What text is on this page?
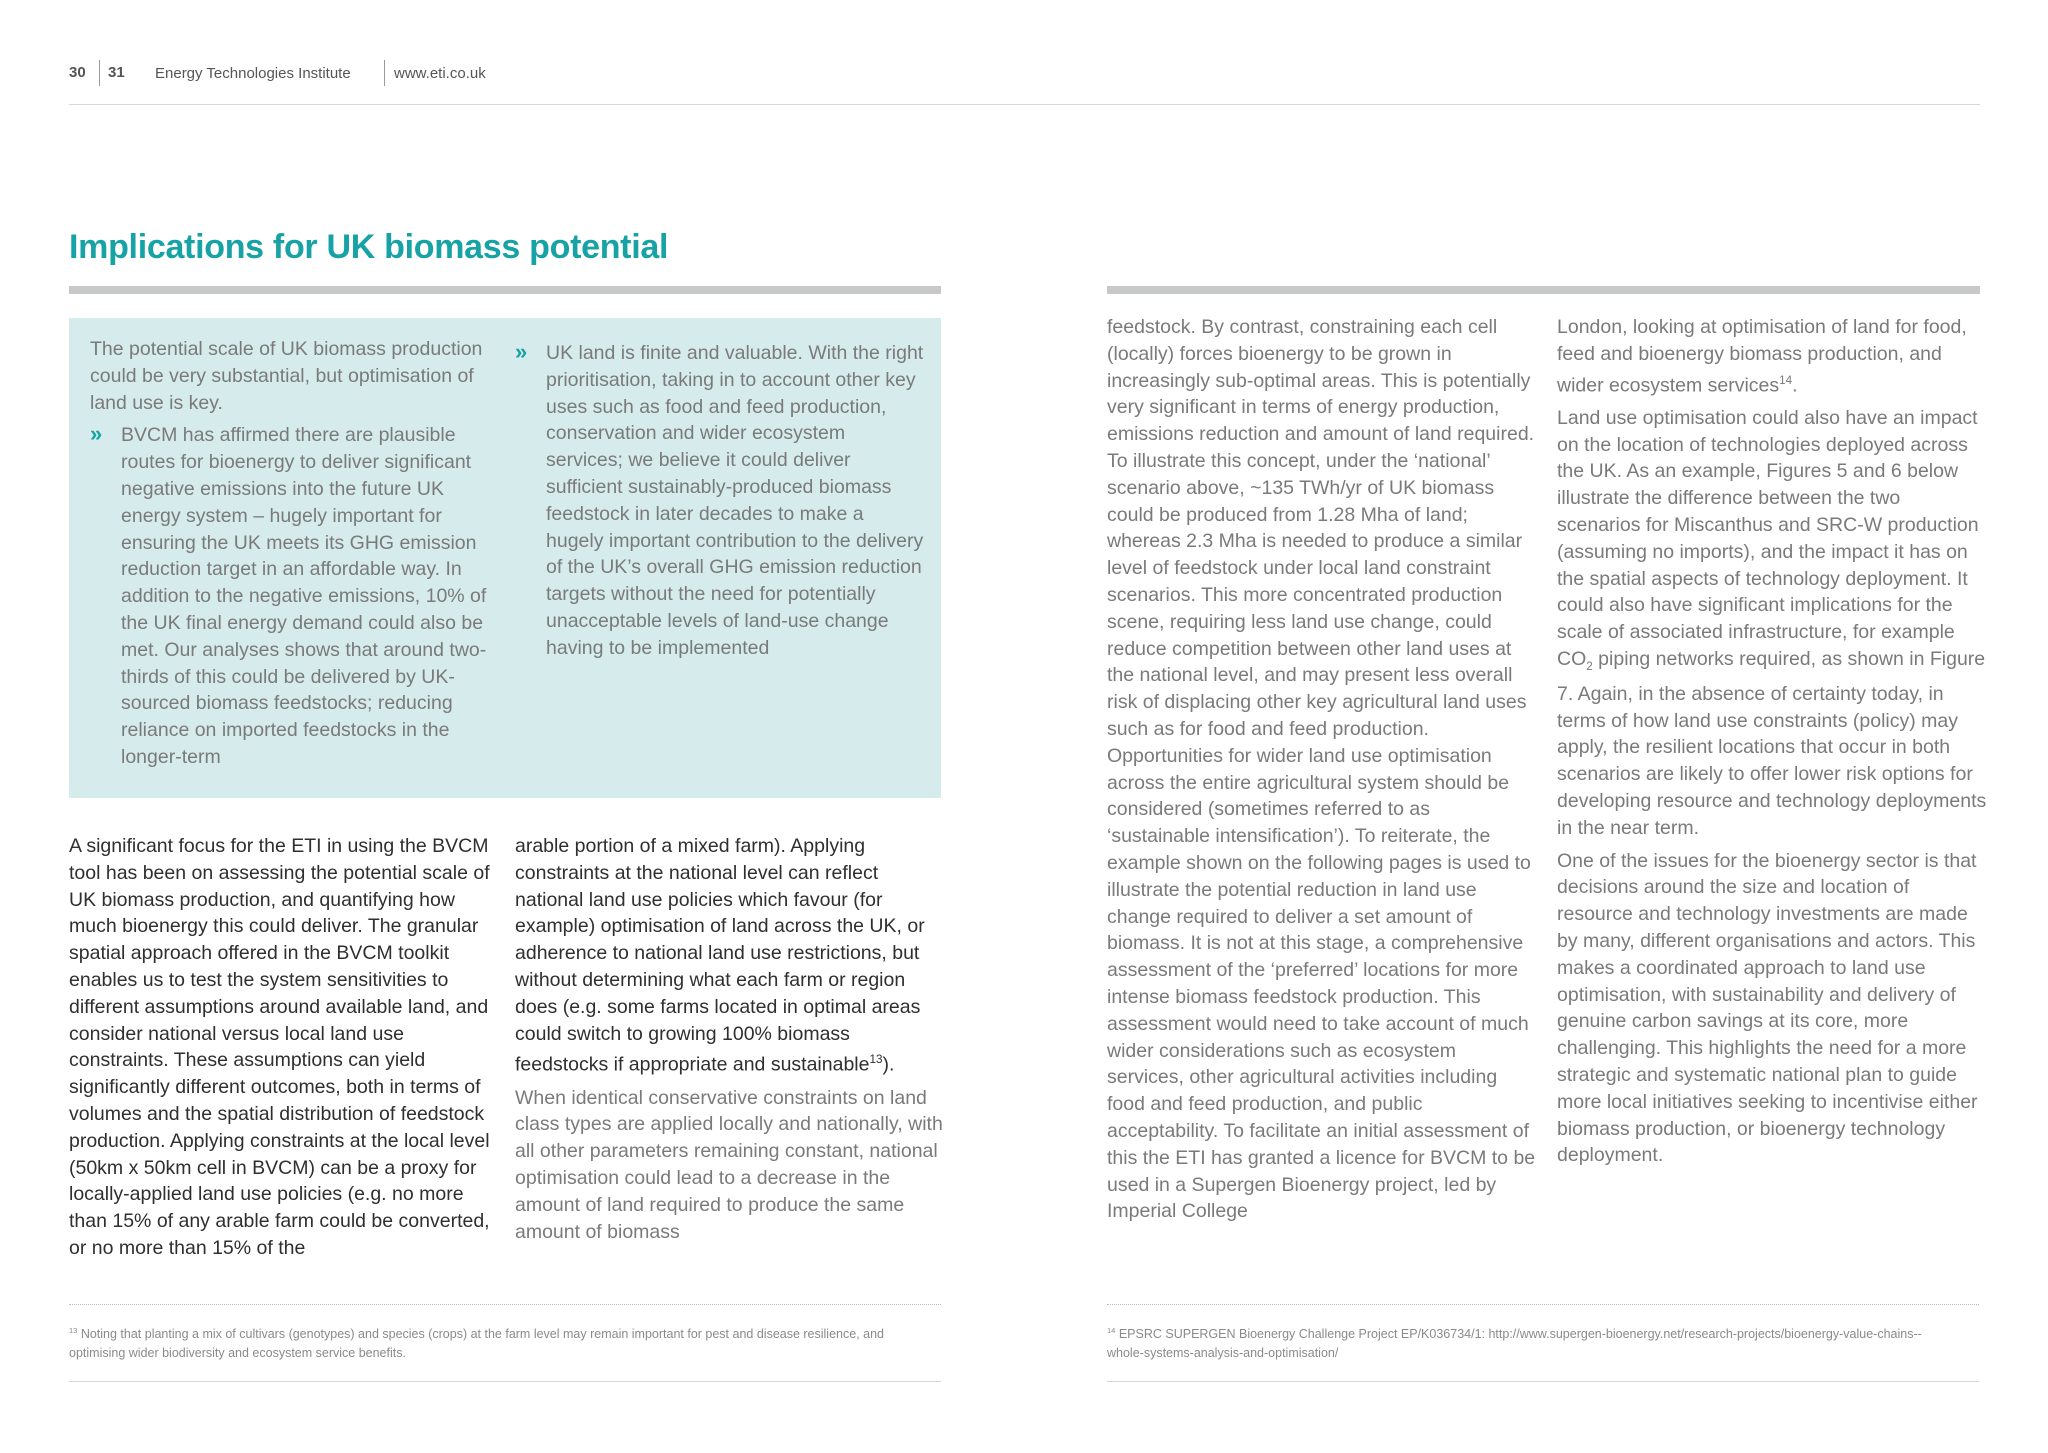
30 31 Energy Technologies Institute	www.eti.co.uk
Implications for UK biomass potential

The potential scale of UK biomass production could be very substantial, but optimisation of land use is key.

» BVCM has affirmed there are plausible routes for bioenergy to deliver significant negative emissions into the future UK energy system – hugely important for ensuring the UK meets its GHG emission reduction target in an affordable way. In addition to the negative emissions, 10% of the UK final energy demand could also be met. Our analyses shows that around two-thirds of this could be delivered by UK-sourced biomass feedstocks; reducing reliance on imported feedstocks in the longer-term
» UK land is finite and valuable. With the right prioritisation, taking in to account other key uses such as food and feed production, conservation and wider ecosystem services; we believe it could deliver sufficient sustainably-produced biomass feedstock in later decades to make a hugely important contribution to the delivery of the UK’s overall GHG emission reduction targets without the need for potentially unacceptable levels of land-use change having to be implemented

A significant focus for the ETI in using the BVCM tool has been on assessing the potential scale of UK biomass production, and quantifying how much bioenergy this could deliver. The granular spatial approach offered in the BVCM toolkit enables us to test the system sensitivities to different assumptions around available land, and consider national versus local land use constraints. These assumptions can yield significantly different outcomes, both in terms of volumes and the spatial distribution of feedstock production. Applying constraints at the local level (50km x 50km cell in BVCM) can be a proxy for locally-applied land use policies (e.g. no more than 15% of any arable farm could be converted, or no more than 15% of the

arable portion of a mixed farm). Applying constraints at the national level can reflect national land use policies which favour (for example) optimisation of land across the UK, or adherence to national land use restrictions, but without determining what each farm or region does (e.g. some farms located in optimal areas could switch to growing 100% biomass feedstocks if appropriate and sustainable$^{13}$).

When identical conservative constraints on land class types are applied locally and nationally, with all other parameters remaining constant, national optimisation could lead to a decrease in the amount of land required to produce the same amount of biomass

feedstock. By contrast, constraining each cell (locally) forces bioenergy to be grown in increasingly sub-optimal areas. This is potentially very significant in terms of energy production, emissions reduction and amount of land required. To illustrate this concept, under the ‘national’ scenario above, ~135 TWh/yr of UK biomass could be produced from 1.28 Mha of land; whereas 2.3 Mha is needed to produce a similar level of feedstock under local land constraint scenarios. This more concentrated production scene, requiring less land use change, could reduce competition between other land uses at the national level, and may present less overall risk of displacing other key agricultural land uses such as for food and feed production. Opportunities for wider land use optimisation across the entire agricultural system should be considered (sometimes referred to as ‘sustainable intensification’). To reiterate, the example shown on the following pages is used to illustrate the potential reduction in land use change required to deliver a set amount of biomass. It is not at this stage, a comprehensive assessment of the ‘preferred’ locations for more intense biomass feedstock production. This assessment would need to take account of much wider considerations such as ecosystem services, other agricultural activities including food and feed production, and public acceptability. To facilitate an initial assessment of this the ETI has granted a licence for BVCM to be used in a Supergen Bioenergy project, led by Imperial College

London, looking at optimisation of land for food, feed and bioenergy biomass production, and wider ecosystem services$^{14}$.

Land use optimisation could also have an impact on the location of technologies deployed across the UK. As an example, Figures 5 and 6 below illustrate the difference between the two scenarios for Miscanthus and SRC-W production (assuming no imports), and the impact it has on the spatial aspects of technology deployment. It could also have significant implications for the scale of associated infrastructure, for example $CO_2$ piping networks required, as shown in Figure 7. Again, in the absence of certainty today, in terms of how land use constraints (policy) may apply, the resilient locations that occur in both scenarios are likely to offer lower risk options for developing resource and technology deployments in the near term.

One of the issues for the bioenergy sector is that decisions around the size and location of resource and technology investments are made by many, different organisations and actors. This makes a coordinated approach to land use optimisation, with sustainability and delivery of genuine carbon savings at its core, more challenging. This highlights the need for a more strategic and systematic national plan to guide more local initiatives seeking to incentivise either biomass production, or bioenergy technology deployment.

$^{13}$ Noting that planting a mix of cultivars (genotypes) and species (crops) at the farm level may remain important for pest and disease resilience, and optimising wider biodiversity and ecosystem service benefits.
$^{14}$ EPSRC SUPERGEN Bioenergy Challenge Project EP/K036734/1: http://www.supergen-bioenergy.net/research-projects/bioenergy-value-chains--whole-systems-analysis-and-optimisation/
